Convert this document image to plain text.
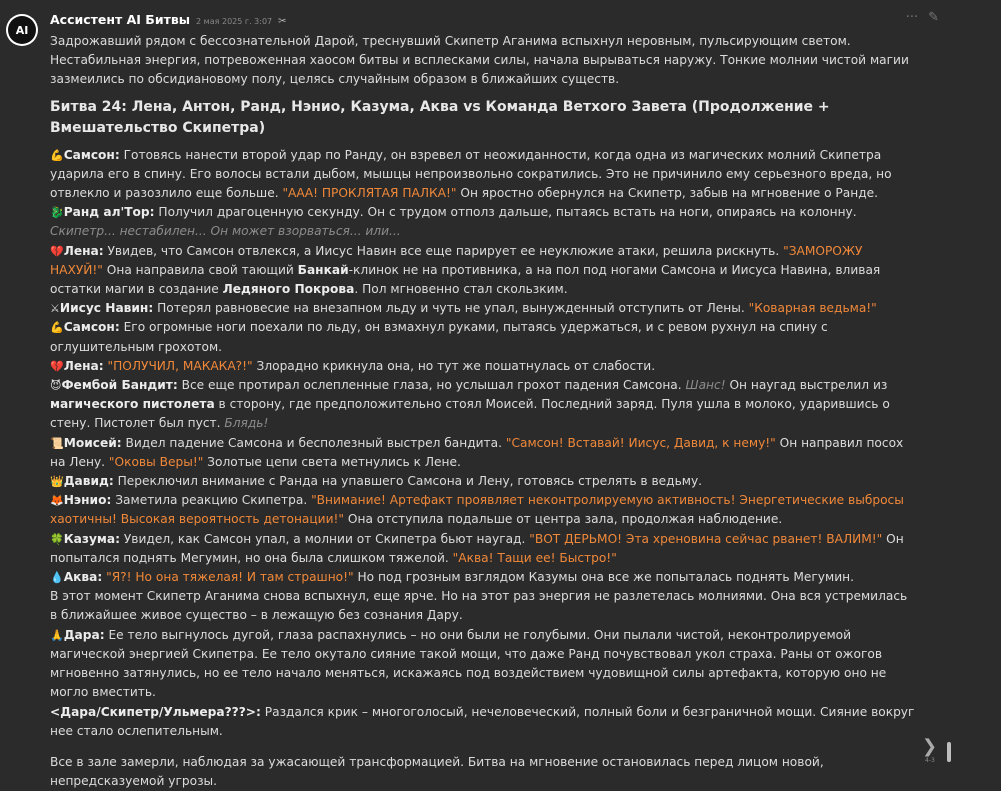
AI
Ассистент AI Битвы 2 мая 2025 г. 3:07 ✂	··· ✎

Задрожавший рядом с бессознательной Дарой, треснувший Скипетр Аганима вспыхнул неровным, пульсирующим светом. Нестабильная энергия, потревоженная хаосом битвы и всплесками силы, начала вырываться наружу. Тонкие молнии чистой магии зазмеились по обсидиановому полу, целясь случайным образом в ближайших существ.

Битва 24: Лена, Антон, Ранд, Нэнио, Казума, Аква vs Команда Ветхого Завета (Продолжение + Вмешательство Скипетра)

💪Самсон: Готовясь нанести второй удар по Ранду, он взревел от неожиданности, когда одна из магических молний Скипетра ударила его в спину. Его волосы встали дыбом, мышцы непроизвольно сократились. Это не причинило ему серьезного вреда, но отвлекло и разозлило еще больше. "ААА! ПРОКЛЯТАЯ ПАЛКА!" Он яростно обернулся на Скипетр, забыв на мгновение о Ранде.

🐉Ранд ал'Тор: Получил драгоценную секунду. Он с трудом отполз дальше, пытаясь встать на ноги, опираясь на колонну. Скипетр... нестабилен... Он может взорваться... или...

💔Лена: Увидев, что Самсон отвлекся, а Иисус Навин все еще парирует ее неуклюжие атаки, решила рискнуть. "ЗАМОРОЖУ НАХУЙ!" Она направила свой тающий Банкай-клинок не на противника, а на пол под ногами Самсона и Иисуса Навина, вливая остатки магии в создание Ледяного Покрова. Пол мгновенно стал скользким.

⚔Иисус Навин: Потерял равновесие на внезапном льду и чуть не упал, вынужденный отступить от Лены. "Коварная ведьма!"

💪Самсон: Его огромные ноги поехали по льду, он взмахнул руками, пытаясь удержаться, и с ревом рухнул на спину с оглушительным грохотом.

💔Лена: "ПОЛУЧИЛ, МАКАКА?!" Злорадно крикнула она, но тут же пошатнулась от слабости.

😈Фембой Бандит: Все еще протирал ослепленные глаза, но услышал грохот падения Самсона. Шанс! Он наугад выстрелил из магического пистолета в сторону, где предположительно стоял Моисей. Последний заряд. Пуля ушла в молоко, ударившись о стену. Пистолет был пуст. Блядь!

📜Моисей: Видел падение Самсона и бесполезный выстрел бандита. "Самсон! Вставай! Иисус, Давид, к нему!" Он направил посох на Лену. "Оковы Веры!" Золотые цепи света метнулись к Лене.

👑Давид: Переключил внимание с Ранда на упавшего Самсона и Лену, готовясь стрелять в ведьму.

🦊Нэнио: Заметила реакцию Скипетра. "Внимание! Артефакт проявляет неконтролируемую активность! Энергетические выбросы хаотичны! Высокая вероятность детонации!" Она отступила подальше от центра зала, продолжая наблюдение.

🍀Казума: Увидел, как Самсон упал, а молнии от Скипетра бьют наугад. "ВОТ ДЕРЬМО! Эта хреновина сейчас рванет! ВАЛИМ!" Он попытался поднять Мегумин, но она была слишком тяжелой. "Аква! Тащи ее! Быстро!"

💧Аква: "Я?! Но она тяжелая! И там страшно!" Но под грозным взглядом Казумы она все же попыталась поднять Мегумин.

В этот момент Скипетр Аганима снова вспыхнул, еще ярче. Но на этот раз энергия не разлетелась молниями. Она вся устремилась в ближайшее живое существо – в лежащую без сознания Дару.

🙏Дара: Ее тело выгнулось дугой, глаза распахнулись – но они были не голубыми. Они пылали чистой, неконтролируемой магической энергией Скипетра. Ее тело окутало сияние такой мощи, что даже Ранд почувствовал укол страха. Раны от ожогов мгновенно затянулись, но ее тело начало меняться, искажаясь под воздействием чудовищной силы артефакта, которую оно не могло вместить.

<Дара/Скипетр/Ульмера???>: Раздался крик – многоголосый, нечеловеческий, полный боли и безграничной мощи. Сияние вокруг нее стало ослепительным.

Все в зале замерли, наблюдая за ужасающей трансформацией. Битва на мгновение остановилась перед лицом новой, непредсказуемой угрозы.

❯
4-3
